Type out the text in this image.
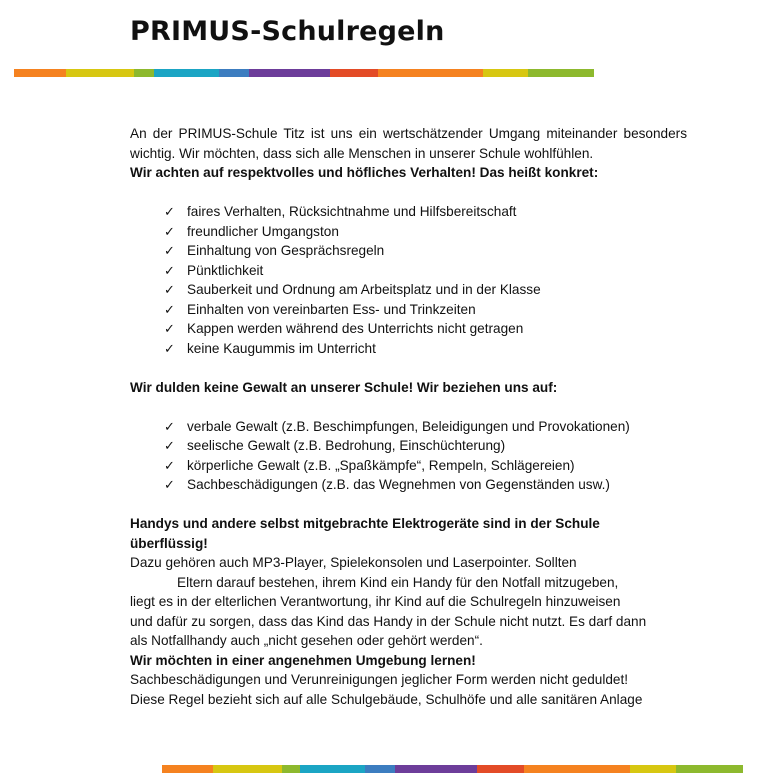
PRIMUS-Schulregeln

An der PRIMUS-Schule Titz ist uns ein wertschätzender Umgang miteinander besonders wichtig. Wir möchten, dass sich alle Menschen in unserer Schule wohlfühlen.

Wir achten auf respektvolles und höfliches Verhalten! Das heißt konkret:

✓ faires Verhalten, Rücksichtnahme und Hilfsbereitschaft
✓ freundlicher Umgangston
✓ Einhaltung von Gesprächsregeln
✓ Pünktlichkeit
✓ Sauberkeit und Ordnung am Arbeitsplatz und in der Klasse
✓ Einhalten von vereinbarten Ess- und Trinkzeiten
✓ Kappen werden während des Unterrichts nicht getragen
✓ keine Kaugummis im Unterricht

Wir dulden keine Gewalt an unserer Schule! Wir beziehen uns auf:

✓ verbale Gewalt (z.B. Beschimpfungen, Beleidigungen und Provokationen)
✓ seelische Gewalt (z.B. Bedrohung, Einschüchterung)
✓ körperliche Gewalt (z.B. „Spaßkämpfe“, Rempeln, Schlägereien)
✓ Sachbeschädigungen (z.B. das Wegnehmen von Gegenständen usw.)

Handys und andere selbst mitgebrachte Elektrogeräte sind in der Schule

überflüssig!

Dazu gehören auch MP3-Player, Spielekonsolen und Laserpointer. Sollten

Eltern darauf bestehen, ihrem Kind ein Handy für den Notfall mitzugeben,

liegt es in der elterlichen Verantwortung, ihr Kind auf die Schulregeln hinzuweisen

und dafür zu sorgen, dass das Kind das Handy in der Schule nicht nutzt. Es darf dann

als Notfallhandy auch „nicht gesehen oder gehört werden“.

Wir möchten in einer angenehmen Umgebung lernen!

Sachbeschädigungen und Verunreinigungen jeglicher Form werden nicht geduldet!

Diese Regel bezieht sich auf alle Schulgebäude, Schulhöfe und alle sanitären Anlage
